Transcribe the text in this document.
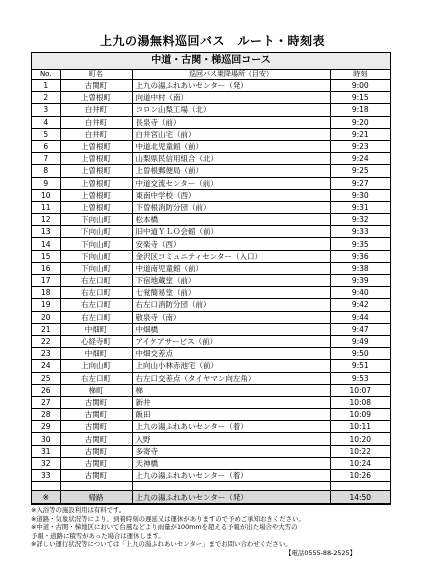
上九の湯無料巡回バス　ルート・時刻表
中道・古関・梯巡回コース
No.	町名	巡回バス乗降場所（目安）	時刻
1	古関町	上九の湯ふれあいセンター（発）	9:00
2	上曽根町	向道中村（南）	9:15
3	白井町	コロン山梨工場（北）	9:18
4	白井町	長泉寺（前）	9:20
5	白井町	白井宮山宅（前）	9:21
6	上曽根町	中道北児童館（前）	9:23
7	上曽根町	山梨県民信用組合（北）	9:24
8	上曽根町	上曽根郵便局（前）	9:25
9	上曽根町	中道交流センター（前）	9:27
10	上曽根町	東南中学校（西）	9:30
11	上曽根町	下曽根消防分団（前）	9:31
12	下向山町	松本橋	9:32
13	下向山町	旧中道ＹＬＯ会館（前）	9:33
14	下向山町	安楽寺（西）	9:35
15	下向山町	金沢区コミュニティセンター（入口）	9:36
16	下向山町	中道南児童館（前）	9:38
17	右左口町	下宿地蔵堂（前）	9:39
18	右左口町	七覚簡易堂（前）	9:40
19	右左口町	右左口消防分団（前）	9:42
20	右左口町	敬泉寺（南）	9:44
21	中畑町	中畑橋	9:47
22	心経寺町	アイケアサービス（前）	9:49
23	中畑町	中畑交差点	9:50
24	上向山町	上向山小林赤池宅（前）	9:51
25	右左口町	右左口交差点（タイヤマン向左角）	9:53
26	梯町	梯	10:07
27	古関町	新井	10:08
28	古関町	飯田	10:09
29	古関町	上九の湯ふれあいセンター（着）	10:11
30	古関町	入野	10:20
31	古関町	多寄寺	10:22
32	古関町	天神橋	10:24
33	古関町	上九の湯ふれあいセンター（着）	10:26

※	帰路	上九の湯ふれあいセンター（発）	14:50
※入浴等の施設利用は有料です。
※道路・気象状況等により、到着時刻の遅延又は運休がありますので予めご承知おきください。
※中道・古関・梯地区において台風などより雨量が100mmを超える予報が出た場合や大雪の
予報・道路に積雪があった場合は運休します。
※詳しい運行状況等については「上九の湯ふれあいセンター」までお問い合わせください。
【電話0555-88-2525】
